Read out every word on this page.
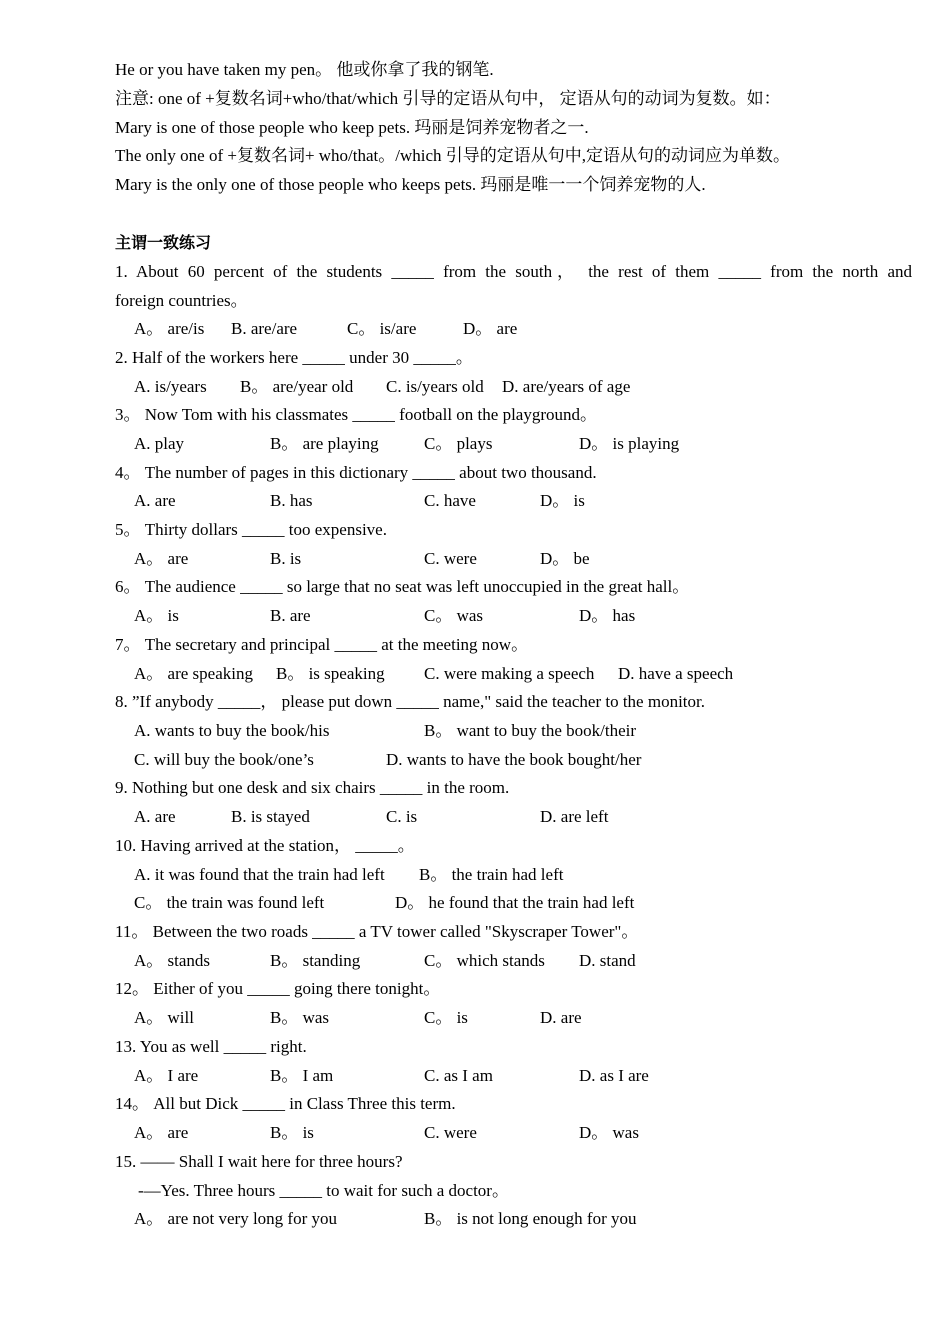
He or you have taken my pen。 他或你拿了我的钢笔.
注意: one of +复数名词+who/that/which 引导的定语从句中， 定语从句的动词为复数。如：
Mary is one of those people who keep pets. 玛丽是饲养宠物者之一.
The only one of +复数名词+ who/that。/which 引导的定语从句中,定语从句的动词应为单数。
Mary is the only one of those people who keeps pets. 玛丽是唯一一个饲养宠物的人.
主谓一致练习
1. About 60 percent of the students _____ from the south， the rest of them _____ from the north and
foreign countries。
A。 are/is B. are/are	C。 is/are	D。 are
2. Half of the workers here _____ under 30 _____。
A. is/years B。 are/year old C. is/years old D. are/years of age
3。 Now Tom with his classmates _____ football on the playground。
A. play	B。 are playing	C。 plays	D。 is playing
4。 The number of pages in this dictionary _____ about two thousand.
A. are	B. has	C. have	D。 is
5。 Thirty dollars _____ too expensive.
A。 are	B. is	C. were	D。 be
6。 The audience _____ so large that no seat was left unoccupied in the great hall。
A。 is	B. are	C。 was	D。 has
7。 The secretary and principal _____ at the meeting now。
A。 are speaking B。 is speaking C. were making a speech D. have a speech
8. ”If anybody _____， please put down _____ name," said the teacher to the monitor.
A. wants to buy the book/his	B。 want to buy the book/their
C. will buy the book/one’s	D. wants to have the book bought/her
9. Nothing but one desk and six chairs _____ in the room.
A. are	B. is stayed	C. is	D. are left
10. Having arrived at the station， _____。
A. it was found that the train had left B。 the train had left
C。 the train was found left	D。 he found that the train had left
11。 Between the two roads _____ a TV tower called "Skyscraper Tower"。
A。 stands	B。 standing	C。 which stands D. stand
12。 Either of you _____ going there tonight。
A。 will	B。 was	C。 is	D. are
13. You as well _____ right.
A。 I are	B。 I am	C. as I am	D. as I are
14。 All but Dick _____ in Class Three this term.
A。 are	B。 is	C. were	D。 was
15. —— Shall I wait here for three hours?
-—Yes. Three hours _____ to wait for such a doctor。
A。 are not very long for you	B。 is not long enough for you
